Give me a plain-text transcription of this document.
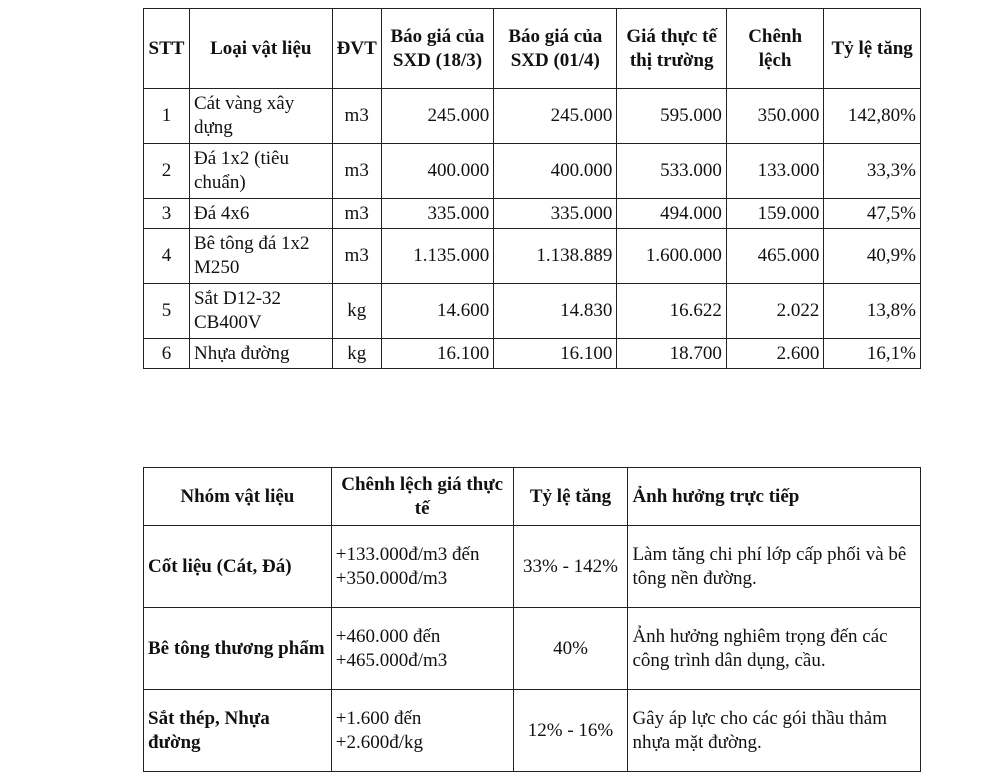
STT	Loại vật liệu	ĐVT	Báo giá của SXD (18/3)	Báo giá của SXD (01/4)	Giá thực tế thị trường	Chênh lệch	Tỷ lệ tăng
1	Cát vàng xây dựng	m3	245.000	245.000	595.000	350.000	142,80%
2	Đá 1x2 (tiêu chuẩn)	m3	400.000	400.000	533.000	133.000	33,3%
3	Đá 4x6	m3	335.000	335.000	494.000	159.000	47,5%
4	Bê tông đá 1x2 M250	m3	1.135.000	1.138.889	1.600.000	465.000	40,9%
5	Sắt D12-32 CB400V	kg	14.600	14.830	16.622	2.022	13,8%
6	Nhựa đường	kg	16.100	16.100	18.700	2.600	16,1%
Nhóm vật liệu	Chênh lệch giá thực tế	Tỷ lệ tăng	Ảnh hưởng trực tiếp
Cốt liệu (Cát, Đá)	+133.000đ/m3 đến +350.000đ/m3	33% - 142%	Làm tăng chi phí lớp cấp phối và bê tông nền đường.
Bê tông thương phẩm	+460.000 đến +465.000đ/m3	40%	Ảnh hưởng nghiêm trọng đến các công trình dân dụng, cầu.
Sắt thép, Nhựa đường	+1.600 đến +2.600đ/kg	12% - 16%	Gây áp lực cho các gói thầu thảm nhựa mặt đường.
